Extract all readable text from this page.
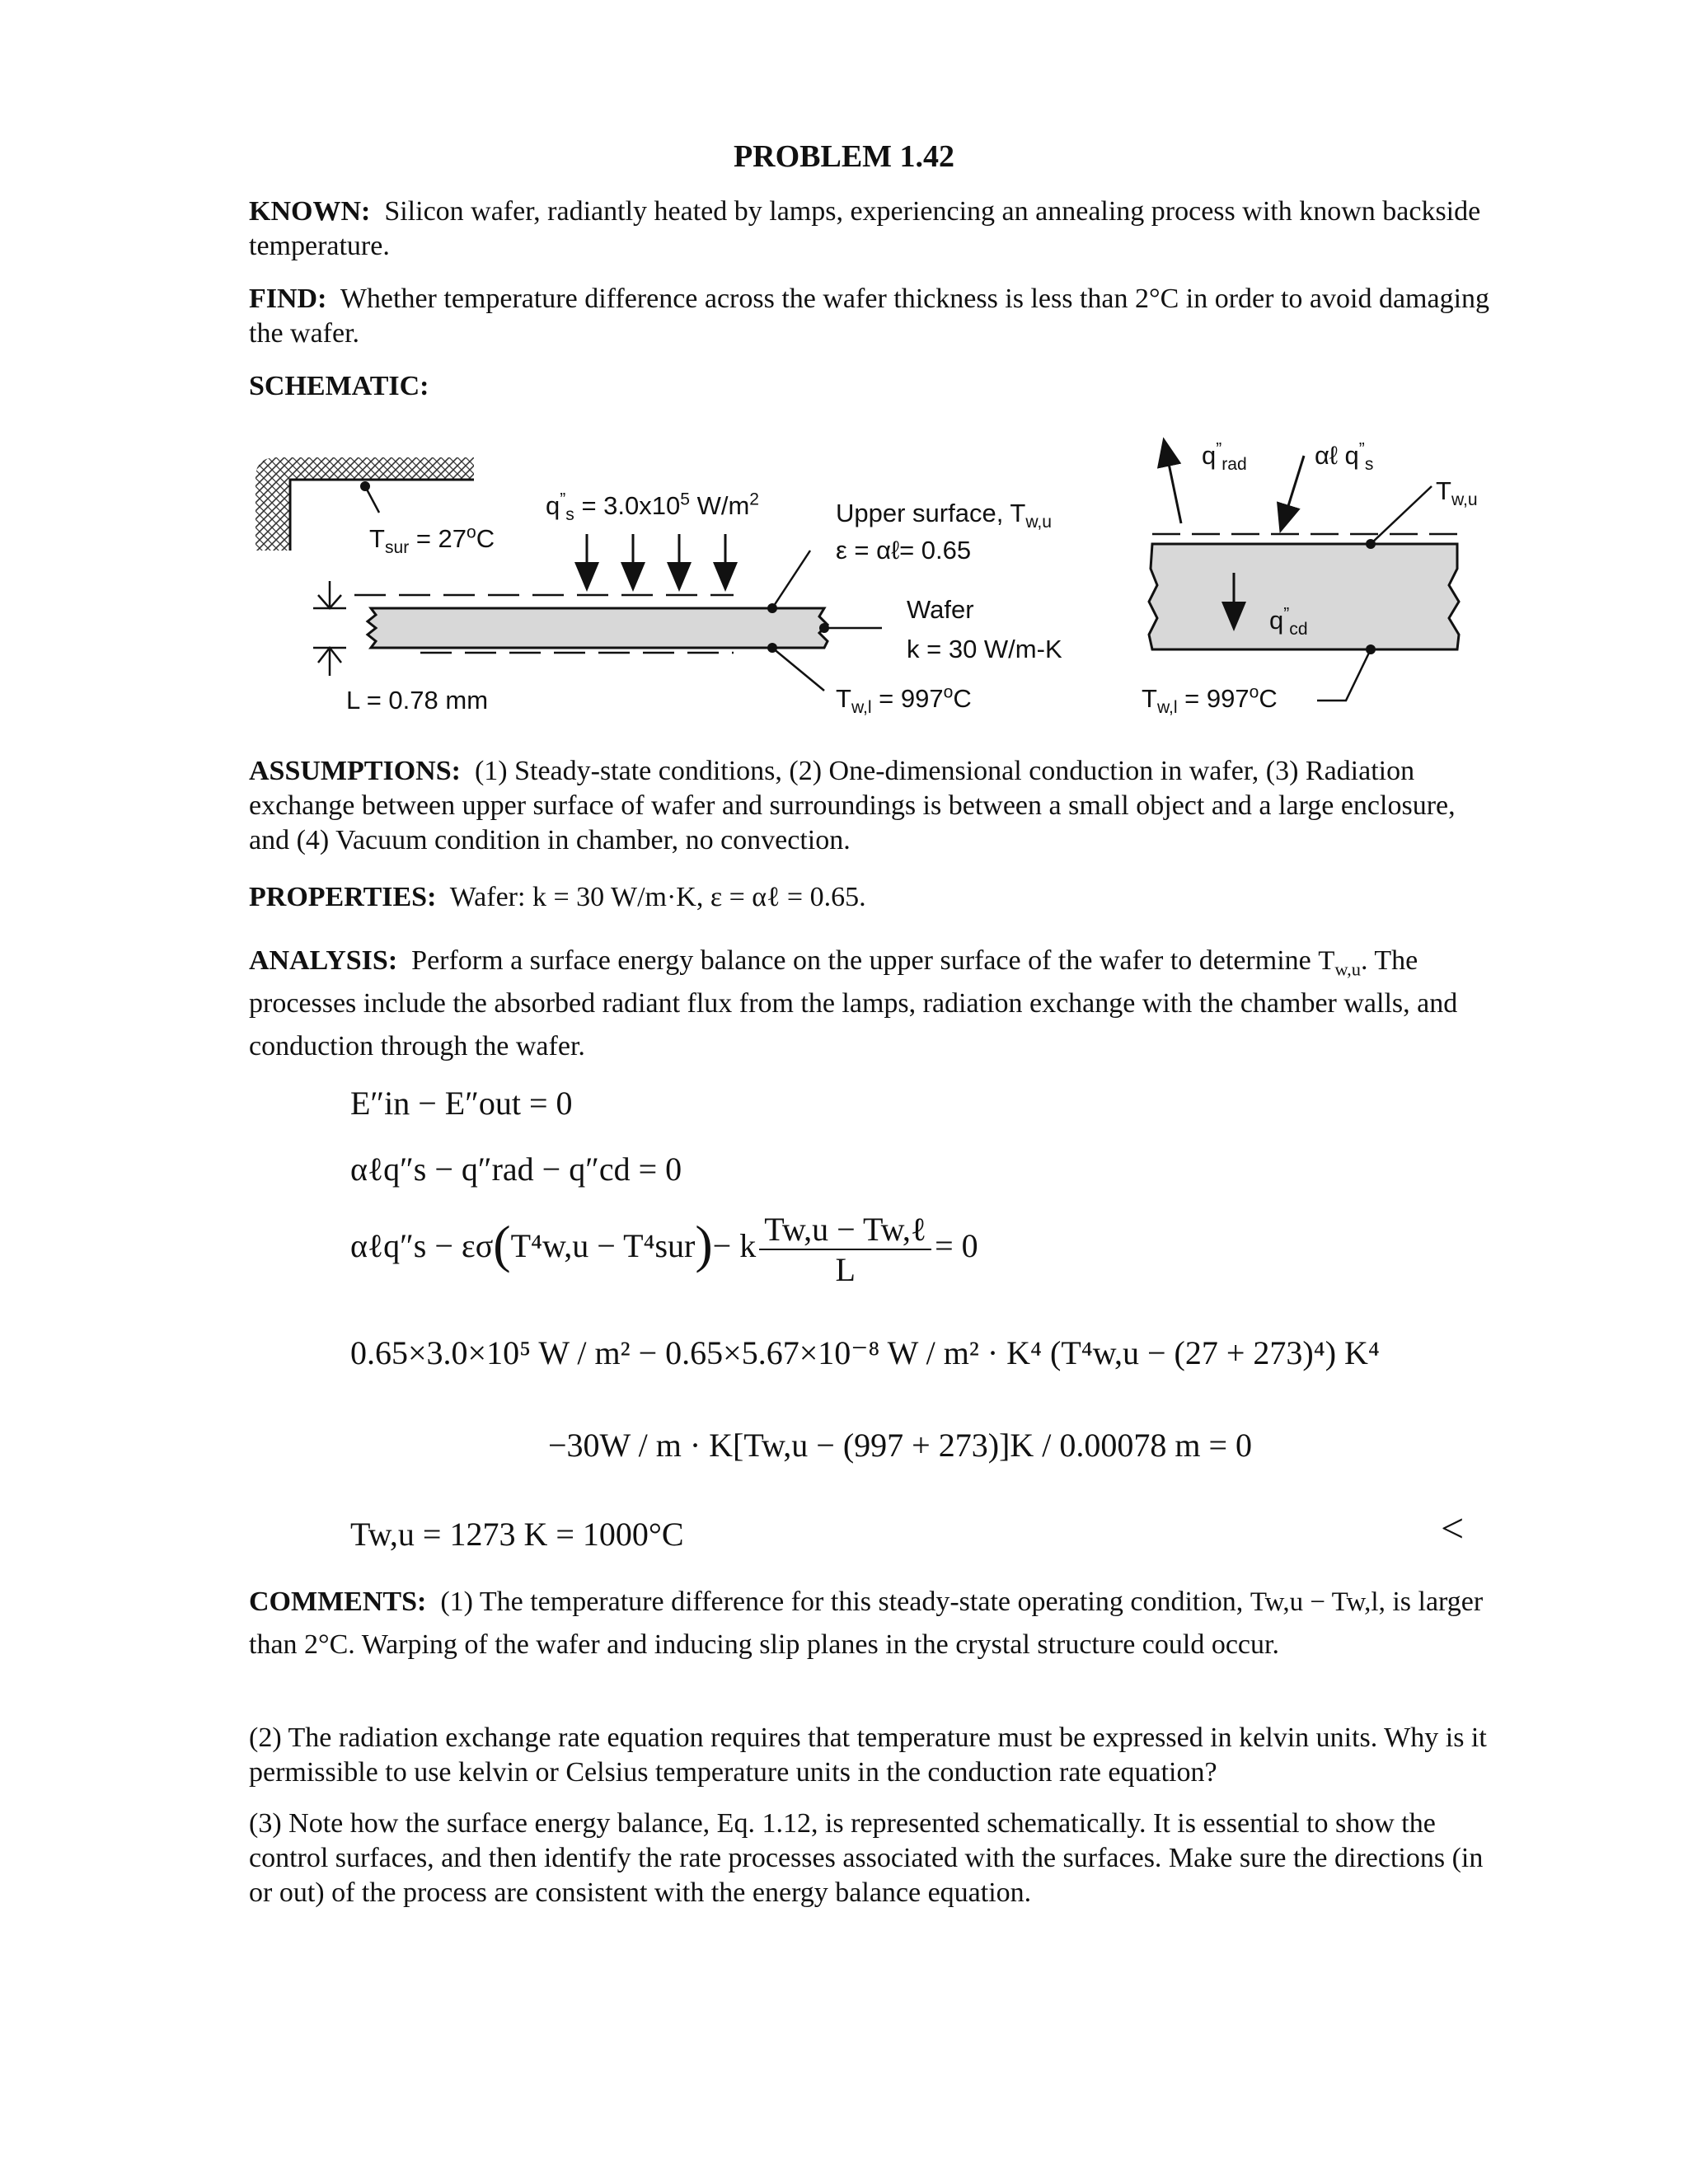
PROBLEM 1.42
KNOWN: Silicon wafer, radiantly heated by lamps, experiencing an annealing process with known backside temperature.
FIND: Whether temperature difference across the wafer thickness is less than 2°C in order to avoid damaging the wafer.
SCHEMATIC:
$T_{sur} = 27^oC$
$q^”_s = 3.0x10^5$ $W/m^2$	Upper surface, $T_{w,u}$
ε = αℓ= 0.65
Wafer
k = 30 W/m-K
L = 0.78 mm	$T_{w,l} = 997^oC$
$q^”_{rad}$	αℓ $q^”_s$
$T_{w,u}$
$q^”_{cd}$
$T_{w,l} = 997^oC$
ASSUMPTIONS: (1) Steady-state conditions, (2) One-dimensional conduction in wafer, (3) Radiation exchange between upper surface of wafer and surroundings is between a small object and a large enclosure, and (4) Vacuum condition in chamber, no convection.
PROPERTIES: Wafer: k = 30 W/m·K, ε = αℓ = 0.65.
ANALYSIS: Perform a surface energy balance on the upper surface of the wafer to determine $T_{w,u}$. The processes include the absorbed radiant flux from the lamps, radiation exchange with the chamber walls, and conduction through the wafer.
E″in − E″out = 0
αℓq″s − q″rad − q″cd = 0
αℓq″s − εσ(T⁴w,u − T⁴sur)− k $\frac{\text{Tw,u − Tw,ℓ}}{L} = 0$
0.65×3.0×10⁵ W / m² − 0.65×5.67×10⁻⁸ W / m² · K⁴ (T⁴w,u − (27 + 273)⁴) K⁴
−30W / m · K[Tw,u − (997 + 273)]K / 0.00078 m = 0
Tw,u = 1273 K = 1000°C	<
COMMENTS: (1) The temperature difference for this steady-state operating condition, Tw,u − Tw,l, is larger than 2°C. Warping of the wafer and inducing slip planes in the crystal structure could occur.
(2) The radiation exchange rate equation requires that temperature must be expressed in kelvin units. Why is it permissible to use kelvin or Celsius temperature units in the conduction rate equation?
(3) Note how the surface energy balance, Eq. 1.12, is represented schematically. It is essential to show the control surfaces, and then identify the rate processes associated with the surfaces. Make sure the directions (in or out) of the process are consistent with the energy balance equation.
